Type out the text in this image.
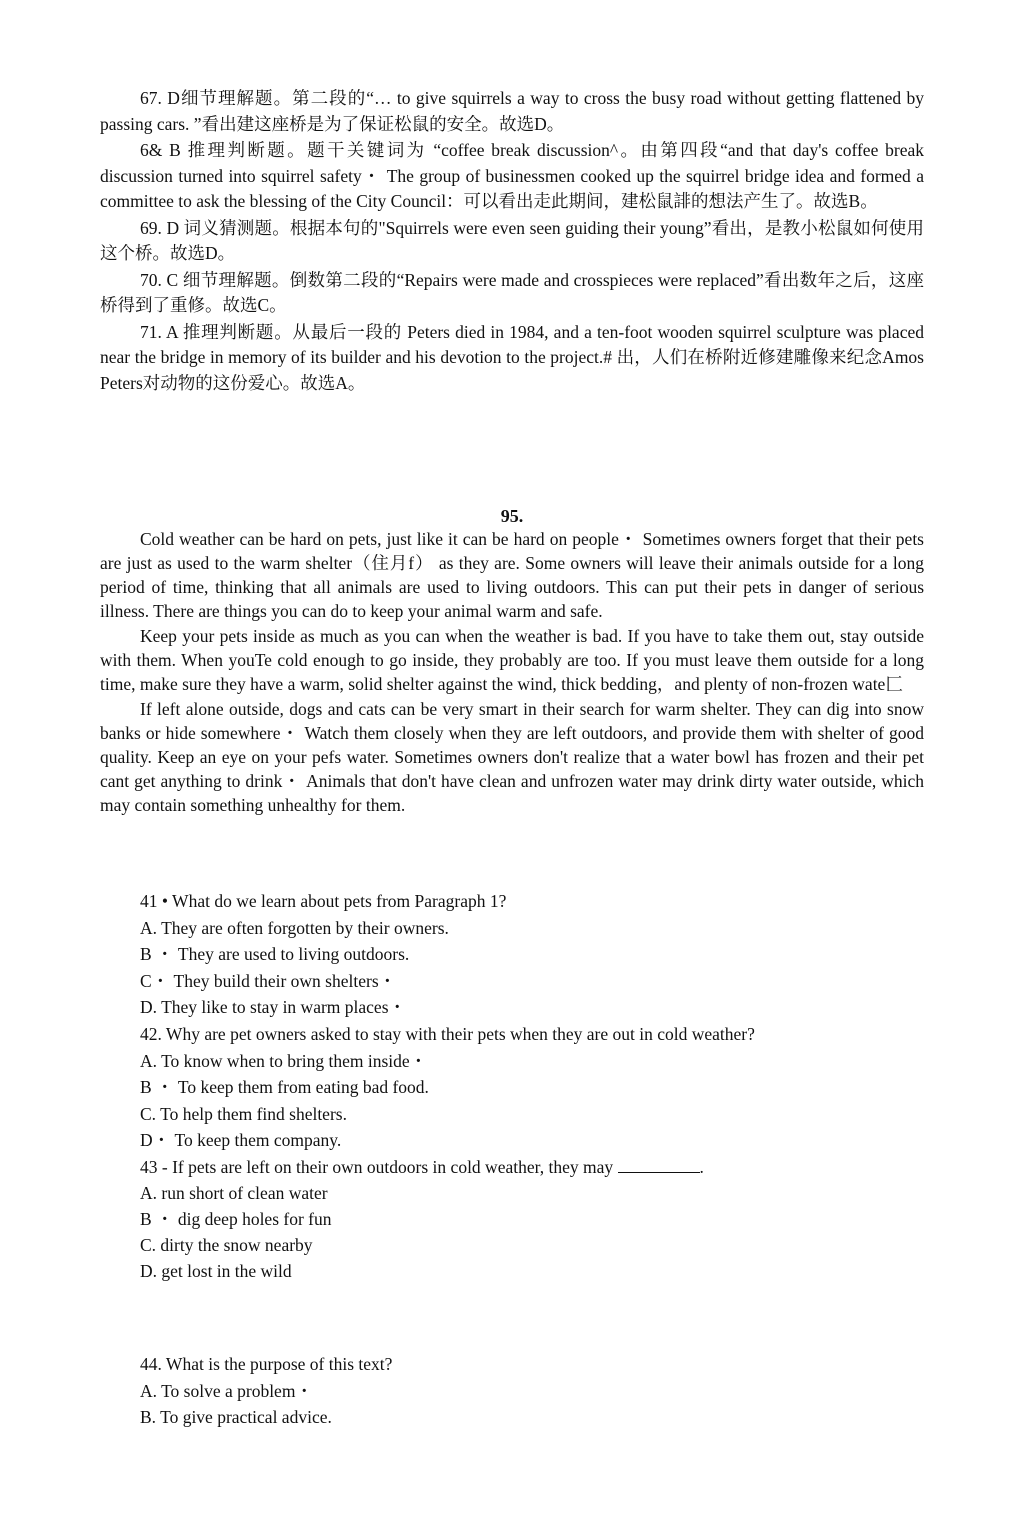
67. D细节理解题。第二段的“… to give squirrels a way to cross the busy road without getting flattened by passing cars. ”看出建这座桥是为了保证松鼠的安全。故选D。

6& B 推理判断题。题干关键词为 “coffee break discussion^。由第四段“and that day's coffee break discussion turned into squirrel safety・ The group of businessmen cooked up the squirrel bridge idea and formed a committee to ask the blessing of the City Council：可以看出走此期间，建松鼠誹的想法产生了。故选B。

69. D 词义猜测题。根据本句的"Squirrels were even seen guiding their young”看出，是教小松鼠如何使用这个桥。故选D。

70. C 细节理解题。倒数第二段的“Repairs were made and crosspieces were replaced”看出数年之后，这座桥得到了重修。故选C。

71. A 推理判断题。从最后一段的 Peters died in 1984, and a ten-foot wooden squirrel sculpture was placed near the bridge in memory of its builder and his devotion to the project.# 出，人们在桥附近修建雕像来纪念Amos Peters对动物的这份爱心。故选A。

95.

Cold weather can be hard on pets, just like it can be hard on people・ Sometimes owners forget that their pets are just as used to the warm shelter（住月f） as they are. Some owners will leave their animals outside for a long period of time, thinking that all animals are used to living outdoors. This can put their pets in danger of serious illness. There are things you can do to keep your animal warm and safe.

Keep your pets inside as much as you can when the weather is bad. If you have to take them out, stay outside with them. When youTe cold enough to go inside, they probably are too. If you must leave them outside for a long time, make sure they have a warm, solid shelter against the wind, thick bedding，and plenty of non-frozen wate匚

If left alone outside, dogs and cats can be very smart in their search for warm shelter. They can dig into snow banks or hide somewhere・ Watch them closely when they are left outdoors, and provide them with shelter of good quality. Keep an eye on your pefs water. Sometimes owners don't realize that a water bowl has frozen and their pet cant get anything to drink・ Animals that don't have clean and unfrozen water may drink dirty water outside, which may contain something unhealthy for them.

41 • What do we learn about pets from Paragraph 1?

A. They are often forgotten by their owners.

B ・ They are used to living outdoors.

C・ They build their own shelters・

D. They like to stay in warm places・

42. Why are pet owners asked to stay with their pets when they are out in cold weather?

A. To know when to bring them inside・

B ・ To keep them from eating bad food.

C. To help them find shelters.

D・ To keep them company.

43 - If pets are left on their own outdoors in cold weather, they may	.

A. run short of clean water

B ・ dig deep holes for fun

C. dirty the snow nearby

D. get lost in the wild

44. What is the purpose of this text?

A. To solve a problem・

B. To give practical advice.
